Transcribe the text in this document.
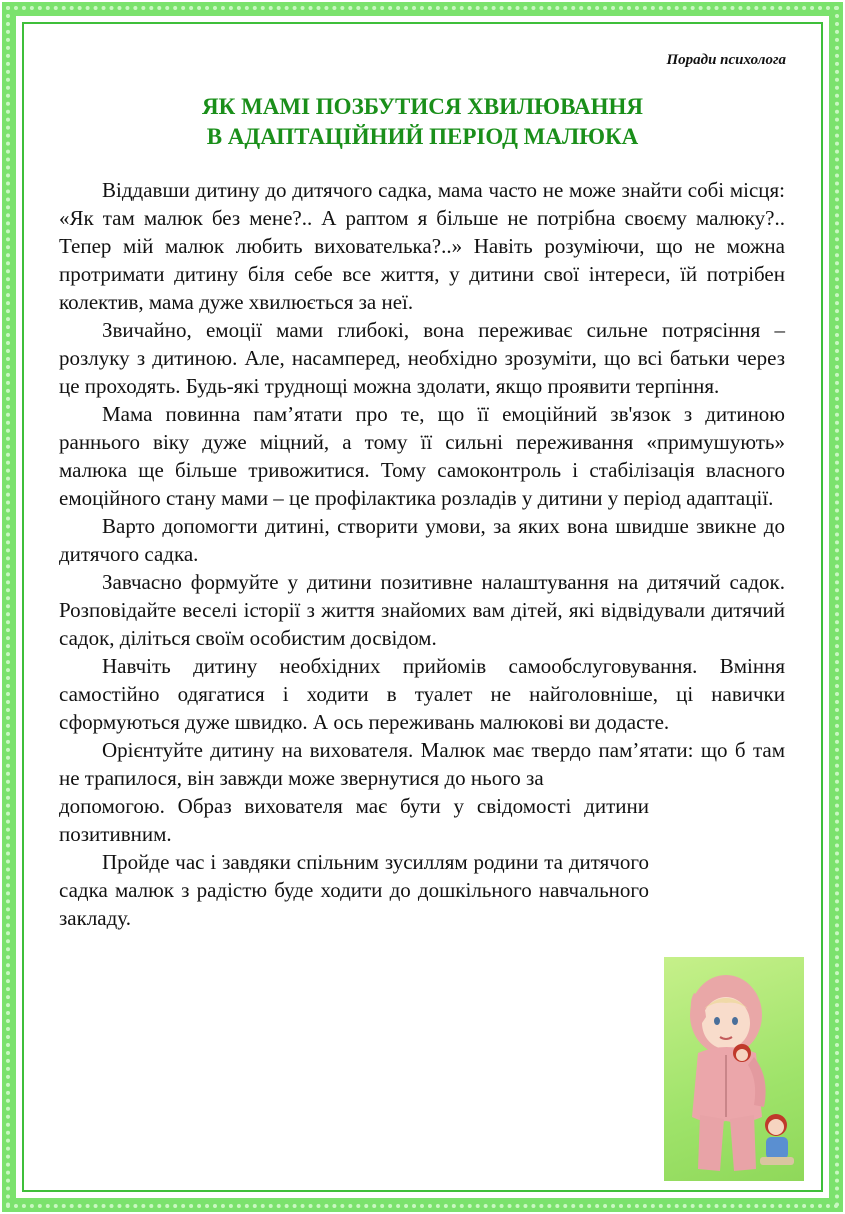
Поради психолога
ЯК МАМІ ПОЗБУТИСЯ ХВИЛЮВАННЯ
В АДАПТАЦІЙНИЙ ПЕРІОД МАЛЮКА

Віддавши дитину до дитячого садка, мама часто не може знайти собі місця: «Як там малюк без мене?.. А раптом я більше не потрібна своєму малюку?.. Тепер мій малюк любить вихователька?..» Навіть розуміючи, що не можна протримати дитину біля себе все життя, у дитини свої інтереси, їй потрібен колектив, мама дуже хвилюється за неї.

Звичайно, емоції мами глибокі, вона переживає сильне потрясіння – розлуку з дитиною. Але, насамперед, необхідно зрозуміти, що всі батьки через це проходять. Будь-які труднощі можна здолати, якщо проявити терпіння.

Мама повинна пам’ятати про те, що її емоційний зв'язок з дитиною раннього віку дуже міцний, а тому її сильні переживання «примушують» малюка ще більше тривожитися. Тому самоконтроль і стабілізація власного емоційного стану мами – це профілактика розладів у дитини у період адаптації.

Варто допомогти дитині, створити умови, за яких вона швидше звикне до дитячого садка.

Завчасно формуйте у дитини позитивне налаштування на дитячий садок. Розповідайте веселі історії з життя знайомих вам дітей, які відвідували дитячий садок, діліться своїм особистим досвідом.

Навчіть дитину необхідних прийомів самообслуговування. Вміння самостійно одягатися і ходити в туалет не найголовніше, ці навички сформуються дуже швидко. А ось переживань малюкові ви додасте.

Орієнтуйте дитину на вихователя. Малюк має твердо пам’ятати: що б там не трапилося, він завжди може звернутися до нього за

допомогою. Образ вихователя має бути у свідомості дитини позитивним.

Пройде час і завдяки спільним зусиллям родини та дитячого садка малюк з радістю буде ходити до дошкільного навчального закладу.
